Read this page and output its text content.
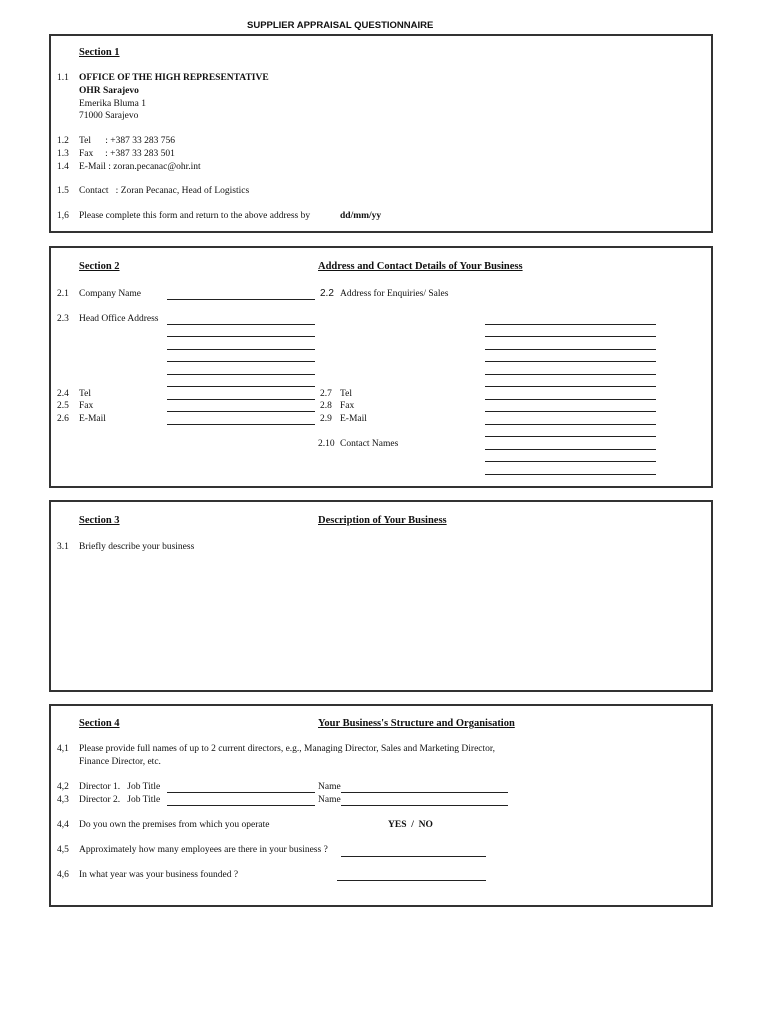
SUPPLIER APPRAISAL QUESTIONNAIRE
Section 1
1.1 OFFICE OF THE HIGH REPRESENTATIVE
OHR Sarajevo
Emerika Bluma 1
71000 Sarajevo
1.2 Tel      : +387 33 283 756
1.3 Fax     : +387 33 283 501
1.4 E-Mail : zoran.pecanac@ohr.int
1.5 Contact   : Zoran Pecanac, Head of Logistics
1,6 Please complete this form and return to the above address by	dd/mm/yy
Section 2	Address and Contact Details of Your Business
2.1 Company Name	2.2 Address for Enquiries/ Sales
2.3 Head Office Address
2.4 Tel
2.5 Fax
2.6 E-Mail
2.7 Tel
2.8 Fax
2.9 E-Mail
2.10 Contact Names
Section 3	Description of Your Business
3.1 Briefly describe your business
Section 4	Your Business's Structure and Organisation
4,1 Please provide full names of up to 2 current directors, e.g., Managing Director, Sales and Marketing Director,
Finance Director, etc.
4,2 Director 1.   Job Title	Name
4,3 Director 2.   Job Title	Name
4,4 Do you own the premises from which you operate	YES  /  NO
4,5 Approximately how many employees are there in your business ?
4,6 In what year was your business founded ?
